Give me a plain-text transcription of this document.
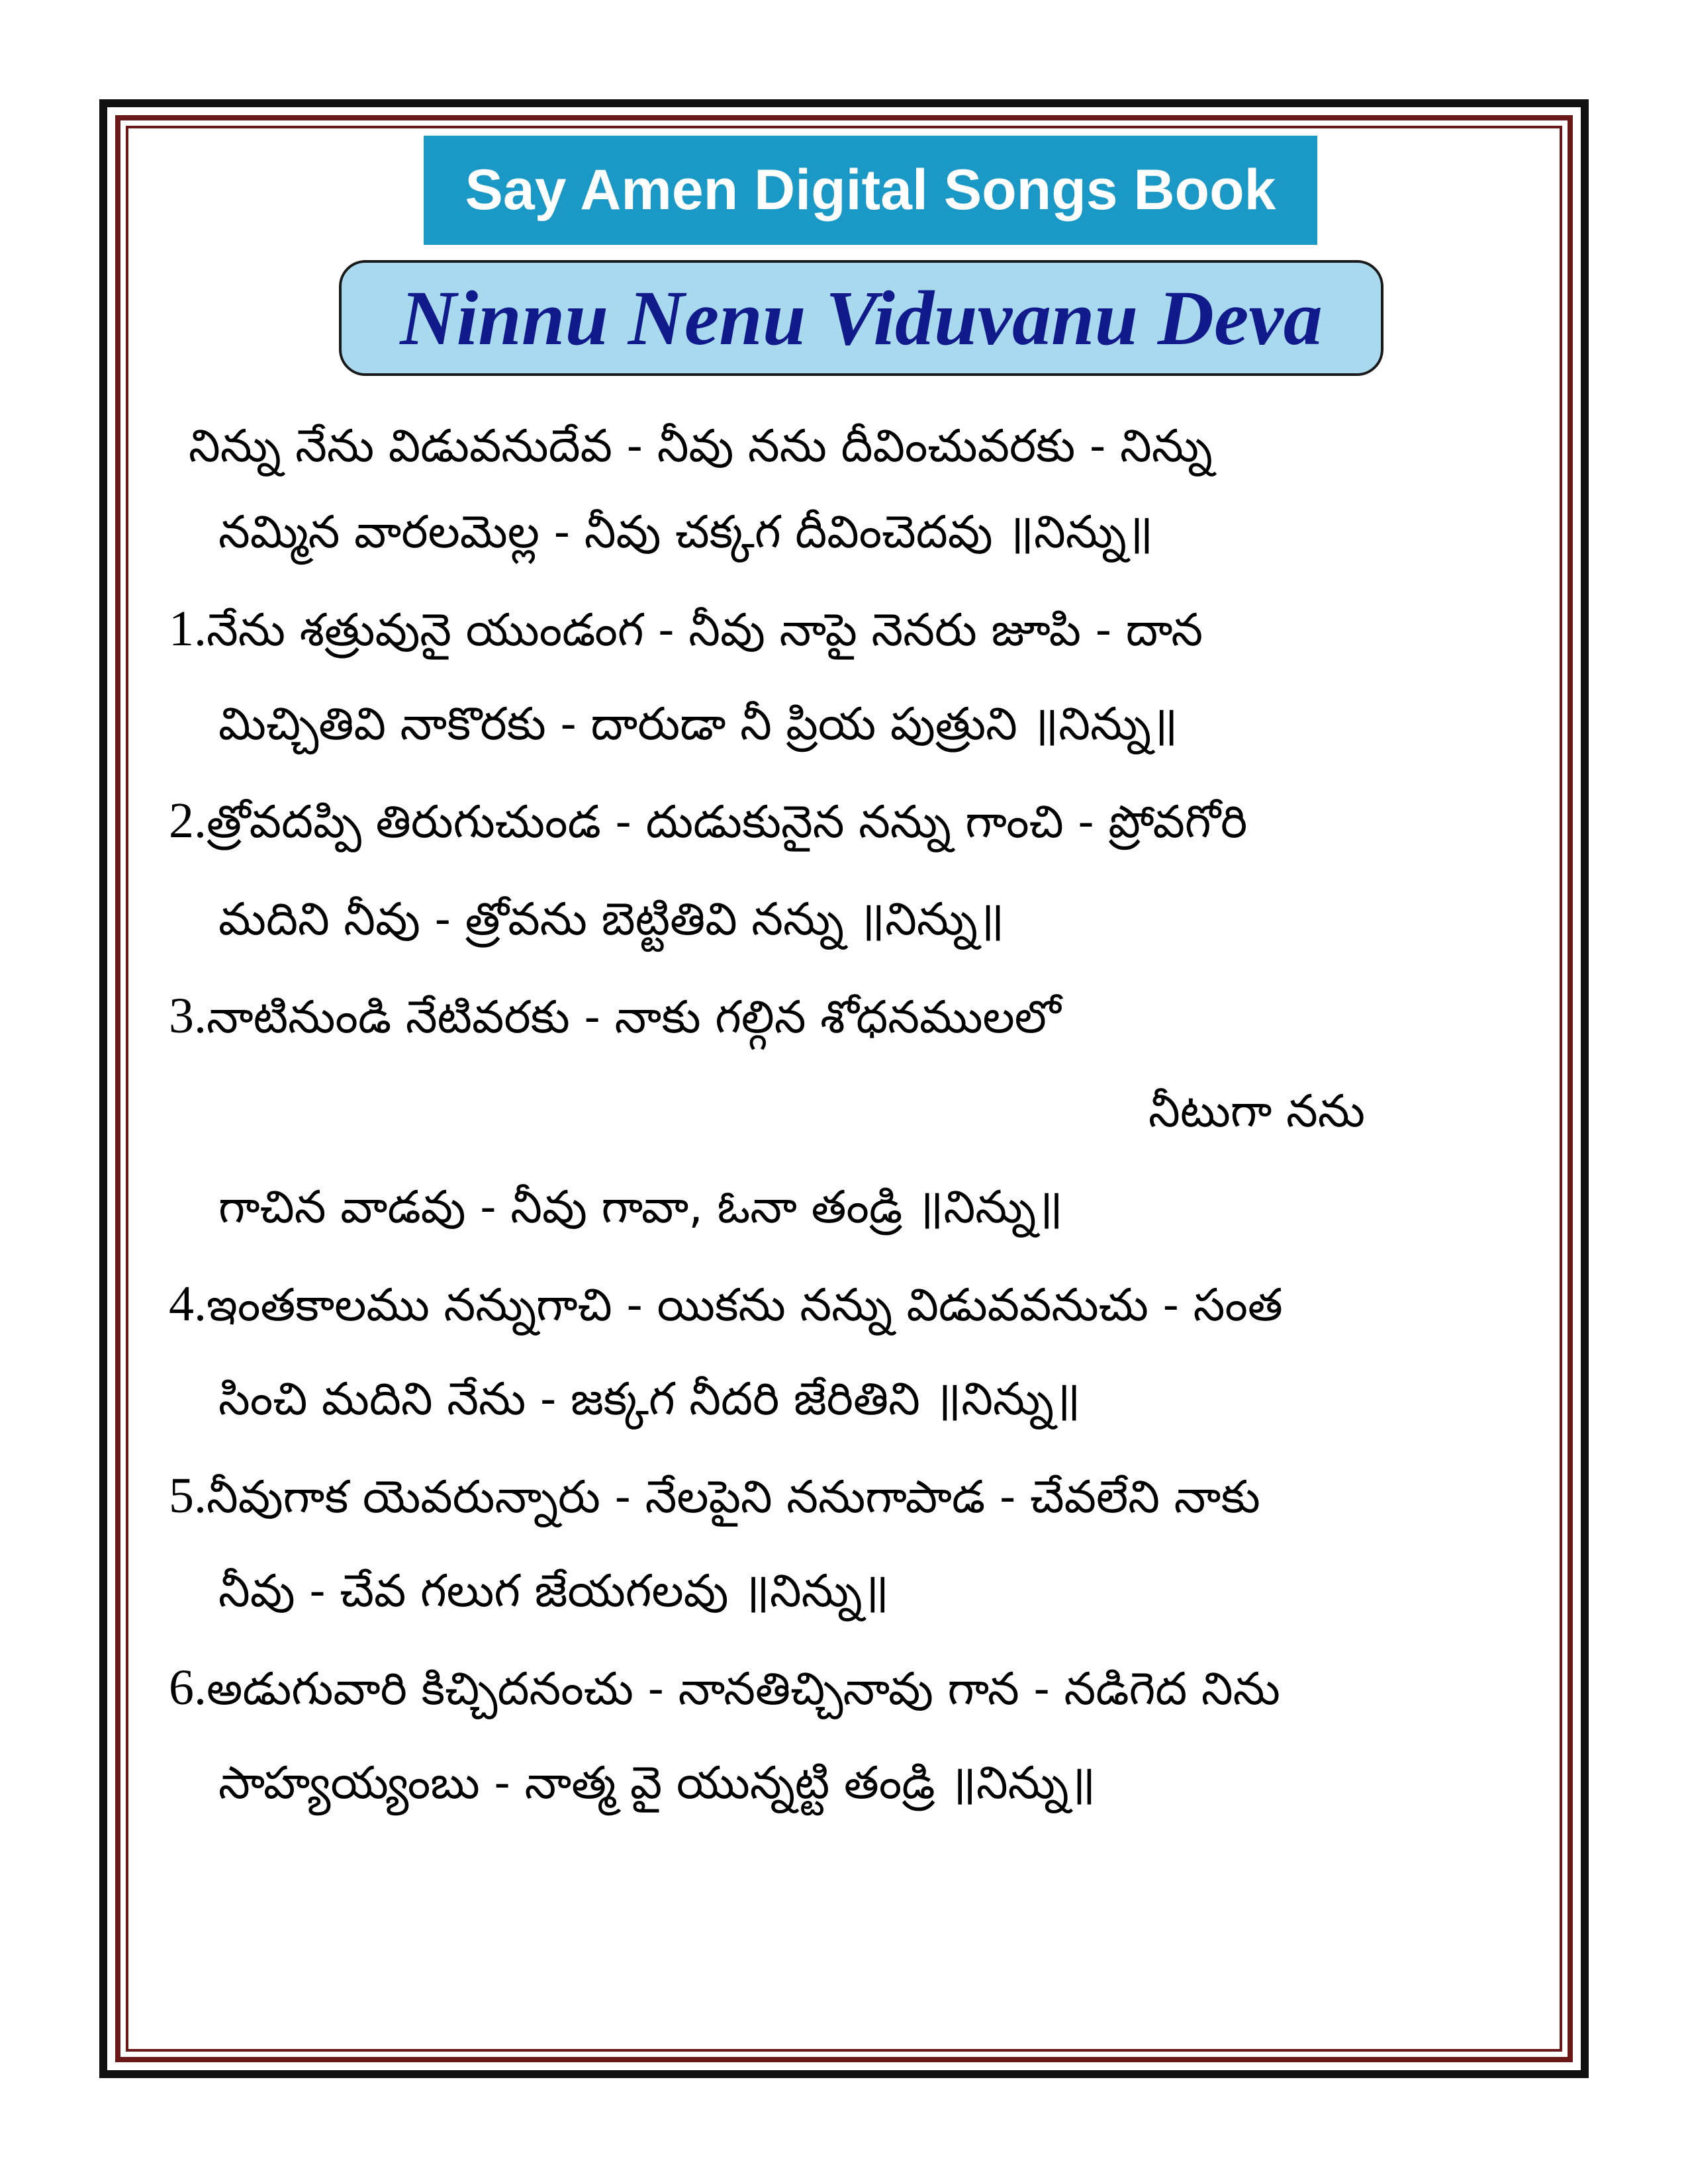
Say Amen Digital Songs Book
Ninnu Nenu Viduvanu Deva
నిన్ను నేను విడువనుదేవ - నీవు నను దీవించువరకు - నిన్ను
నమ్మిన వారలమెల్ల - నీవు చక్కగ దీవించెదవు ॥నిన్ను॥
1.నేను శత్రువునై యుండంగ - నీవు నాపై నెనరు జూపి - దాన
మిచ్చితివి నాకొరకు - దారుడా నీ ప్రియ పుత్రుని ॥నిన్ను॥
2.త్రోవదప్పి తిరుగుచుండ - దుడుకునైన నన్ను గాంచి - ప్రోవగోరి
మదిని నీవు - త్రోవను బెట్టితివి నన్ను ॥నిన్ను॥
3.నాటినుండి నేటివరకు - నాకు గల్గిన శోధనములలో
నీటుగా నను
గాచిన వాడవు - నీవు గావా, ఓనా తండ్రి ॥నిన్ను॥
4.ఇంతకాలము నన్నుగాచి - యికను నన్ను విడువవనుచు - సంత
సించి మదిని నేను - జక్కగ నీదరి జేరితిని ॥నిన్ను॥
5.నీవుగాక యెవరున్నారు - నేలపైని ననుగాపాడ - చేవలేని నాకు
నీవు - చేవ గలుగ జేయగలవు ॥నిన్ను॥
6.అడుగువారి కిచ్చిదనంచు - నానతిచ్చినావు గాన - నడిగెద నిను
సాహ్యయ్యంబు - నాత్మ వై యున్నట్టి తండ్రి ॥నిన్ను॥
